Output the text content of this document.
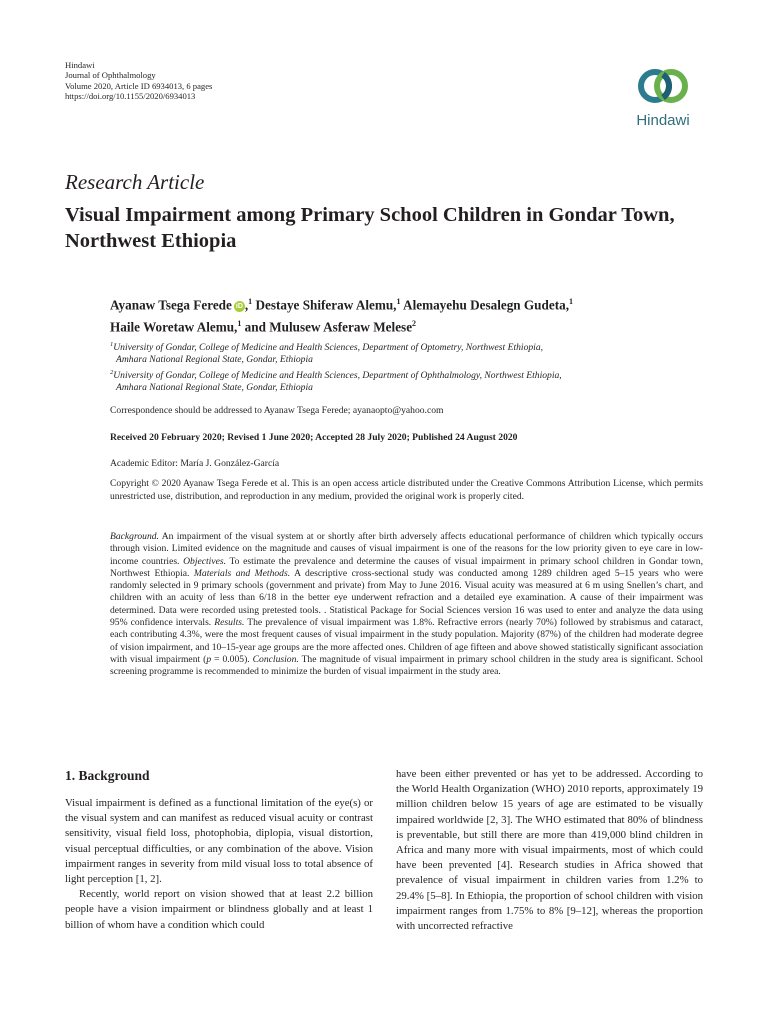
Hindawi
Journal of Ophthalmology
Volume 2020, Article ID 6934013, 6 pages
https://doi.org/10.1155/2020/6934013
Hindawi
Research Article
Visual Impairment among Primary School Children in Gondar Town, Northwest Ethiopia
Ayanaw Tsega Ferede iD ,$^1$ Destaye Shiferaw Alemu,$^1$ Alemayehu Desalegn Gudeta,$^1$
Haile Woretaw Alemu,$^1$ and Mulusew Asferaw Melese$^2$
$^1$University of Gondar, College of Medicine and Health Sciences, Department of Optometry, Northwest Ethiopia,
Amhara National Regional State, Gondar, Ethiopia
$^2$University of Gondar, College of Medicine and Health Sciences, Department of Ophthalmology, Northwest Ethiopia,
Amhara National Regional State, Gondar, Ethiopia
Correspondence should be addressed to Ayanaw Tsega Ferede; ayanaopto@yahoo.com
Received 20 February 2020; Revised 1 June 2020; Accepted 28 July 2020; Published 24 August 2020
Academic Editor: María J. González-García
Copyright © 2020 Ayanaw Tsega Ferede et al. This is an open access article distributed under the Creative Commons Attribution License, which permits unrestricted use, distribution, and reproduction in any medium, provided the original work is properly cited.
Background. An impairment of the visual system at or shortly after birth adversely affects educational performance of children which typically occurs through vision. Limited evidence on the magnitude and causes of visual impairment is one of the reasons for the low priority given to eye care in low-income countries. Objectives. To estimate the prevalence and determine the causes of visual impairment in primary school children in Gondar town, Northwest Ethiopia. Materials and Methods. A descriptive cross-sectional study was conducted among 1289 children aged 5–15 years who were randomly selected in 9 primary schools (government and private) from May to June 2016. Visual acuity was measured at 6 m using Snellen’s chart, and children with an acuity of less than 6/18 in the better eye underwent refraction and a detailed eye examination. A cause of their impairment was determined. Data were recorded using pretested tools. . Statistical Package for Social Sciences version 16 was used to enter and analyze the data using 95% confidence intervals. Results. The prevalence of visual impairment was 1.8%. Refractive errors (nearly 70%) followed by strabismus and cataract, each contributing 4.3%, were the most frequent causes of visual impairment in the study population. Majority (87%) of the children had moderate degree of vision impairment, and 10–15-year age groups are the more affected ones. Children of age fifteen and above showed statistically significant association with visual impairment (p = 0.005). Conclusion. The magnitude of visual impairment in primary school children in the study area is significant. School screening programme is recommended to minimize the burden of visual impairment in the study area.
1. Background

Visual impairment is defined as a functional limitation of the eye(s) or the visual system and can manifest as reduced visual acuity or contrast sensitivity, visual field loss, photophobia, diplopia, visual distortion, visual perceptual difficulties, or any combination of the above. Vision impairment ranges in severity from mild visual loss to total absence of light perception [1, 2].

Recently, world report on vision showed that at least 2.2 billion people have a vision impairment or blindness globally and at least 1 billion of whom have a condition which could

have been either prevented or has yet to be addressed. According to the World Health Organization (WHO) 2010 reports, approximately 19 million children below 15 years of age are estimated to be visually impaired worldwide [2, 3]. The WHO estimated that 80% of blindness is preventable, but still there are more than 419,000 blind children in Africa and many more with visual impairments, most of which could have been prevented [4]. Research studies in Africa showed that prevalence of visual impairment in children varies from 1.2% to 29.4% [5–8]. In Ethiopia, the proportion of school children with vision impairment ranges from 1.75% to 8% [9–12], whereas the proportion with uncorrected refractive
